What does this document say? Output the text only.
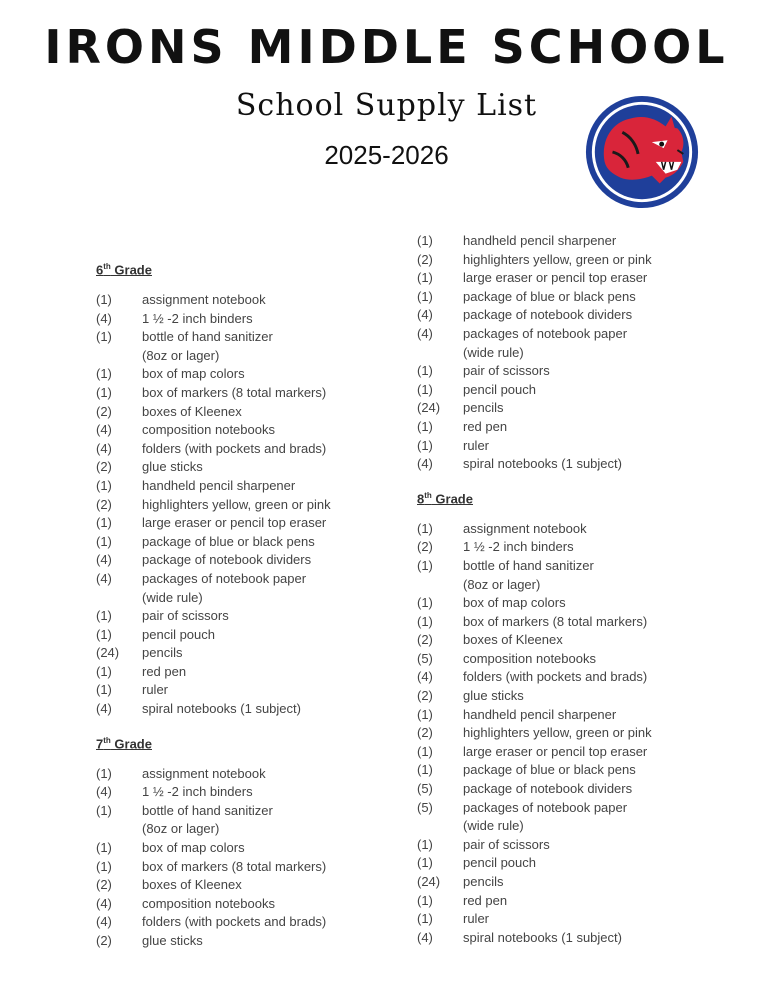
IRONS MIDDLE SCHOOL
School Supply List
2025-2026
6th Grade
(1)	assignment notebook
(4)	1 ½ -2 inch binders
(1)	bottle of hand sanitizer
(8oz or lager)
(1)	box of map colors
(1)	box of markers (8 total markers)
(2)	boxes of Kleenex
(4)	composition notebooks
(4)	folders (with pockets and brads)
(2)	glue sticks
(1)	handheld pencil sharpener
(2)	highlighters yellow, green or pink
(1)	large eraser or pencil top eraser
(1)	package of blue or black pens
(4)	package of notebook dividers
(4)	packages of notebook paper
(wide rule)
(1)	pair of scissors
(1)	pencil pouch
(24)	pencils
(1)	red pen
(1)	ruler
(4)	spiral notebooks (1 subject)
7th Grade
(1)	assignment notebook
(4)	1 ½ -2 inch binders
(1)	bottle of hand sanitizer
(8oz or lager)
(1)	box of map colors
(1)	box of markers (8 total markers)
(2)	boxes of Kleenex
(4)	composition notebooks
(4)	folders (with pockets and brads)
(2)	glue sticks
(1)	handheld pencil sharpener
(2)	highlighters yellow, green or pink
(1)	large eraser or pencil top eraser
(1)	package of blue or black pens
(4)	package of notebook dividers
(4)	packages of notebook paper
(wide rule)
(1)	pair of scissors
(1)	pencil pouch
(24)	pencils
(1)	red pen
(1)	ruler
(4)	spiral notebooks (1 subject)
8th Grade
(1)	assignment notebook
(2)	1 ½ -2 inch binders
(1)	bottle of hand sanitizer
(8oz or lager)
(1)	box of map colors
(1)	box of markers (8 total markers)
(2)	boxes of Kleenex
(5)	composition notebooks
(4)	folders (with pockets and brads)
(2)	glue sticks
(1)	handheld pencil sharpener
(2)	highlighters yellow, green or pink
(1)	large eraser or pencil top eraser
(1)	package of blue or black pens
(5)	package of notebook dividers
(5)	packages of notebook paper
(wide rule)
(1)	pair of scissors
(1)	pencil pouch
(24)	pencils
(1)	red pen
(1)	ruler
(4)	spiral notebooks (1 subject)
